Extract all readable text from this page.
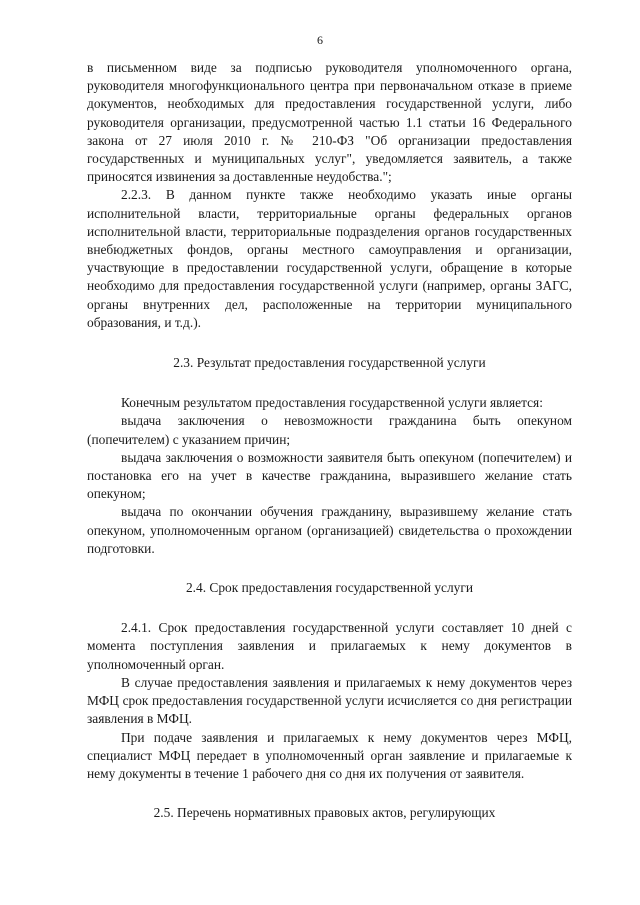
6

в письменном виде за подписью руководителя уполномоченного органа, руководителя многофункционального центра при первоначальном отказе в приеме документов, необходимых для предоставления государственной услуги, либо руководителя организации, предусмотренной частью 1.1 статьи 16 Федерального закона от 27 июля 2010 г. № 210-ФЗ "Об организации предоставления государственных и муниципальных услуг", уведомляется заявитель, а также приносятся извинения за доставленные неудобства.";

2.2.3. В данном пункте также необходимо указать иные органы исполнительной власти, территориальные органы федеральных органов исполнительной власти, территориальные подразделения органов государственных внебюджетных фондов, органы местного самоуправления и организации, участвующие в предоставлении государственной услуги, обращение в которые необходимо для предоставления государственной услуги (например, органы ЗАГС, органы внутренних дел, расположенные на территории муниципального образования, и т.д.).

2.3. Результат предоставления государственной услуги

Конечным результатом предоставления государственной услуги является:

выдача заключения о невозможности гражданина быть опекуном (попечителем) с указанием причин;

выдача заключения о возможности заявителя быть опекуном (попечителем) и постановка его на учет в качестве гражданина, выразившего желание стать опекуном;

выдача по окончании обучения гражданину, выразившему желание стать опекуном, уполномоченным органом (организацией) свидетельства о прохождении подготовки.

2.4. Срок предоставления государственной услуги

2.4.1. Срок предоставления государственной услуги составляет 10 дней с момента поступления заявления и прилагаемых к нему документов в уполномоченный орган.

В случае предоставления заявления и прилагаемых к нему документов через МФЦ срок предоставления государственной услуги исчисляется со дня регистрации заявления в МФЦ.

При подаче заявления и прилагаемых к нему документов через МФЦ, специалист МФЦ передает в уполномоченный орган заявление и прилагаемые к нему документы в течение 1 рабочего дня со дня их получения от заявителя.

2.5. Перечень нормативных правовых актов, регулирующих
